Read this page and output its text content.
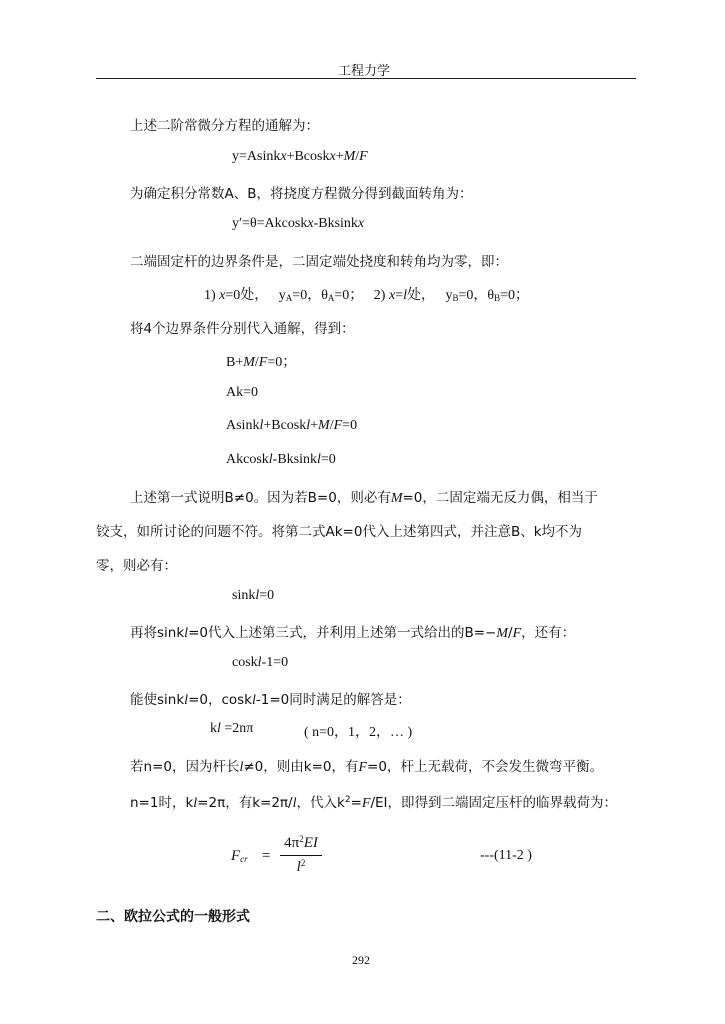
工程力学
上述二阶常微分方程的通解为：
y=Asinkx+Bcoskx+M/F
为确定积分常数A、B，将挠度方程微分得到截面转角为：
y′=θ=Akcoskx-Bksinkx
二端固定杆的边界条件是，二固定端处挠度和转角均为零，即：
1) x=0处，   $y_A=0$，$\theta_A=0$；   2) x=l处，   $y_B=0$，$\theta_B=0$；
将4个边界条件分别代入通解，得到：
B+M/F=0；
Ak=0
Asinkl+Bcoskl+M/F=0
Akcoskl-Bksinkl=0
上述第一式说明B≠0。因为若B=0，则必有M=0，二固定端无反力偶，相当于
铰支，如所讨论的问题不符。将第二式Ak=0代入上述第四式，并注意B、k均不为
零，则必有：
sinkl=0
再将sinkl=0代入上述第三式，并利用上述第一式给出的B=−M/F，还有：
coskl-1=0
能使sinkl=0，coskl-1=0同时满足的解答是：
kl =2nπ	( n=0，1，2，… )
若n=0，因为杆长l≠0，则由k=0，有F=0，杆上无载荷，不会发生微弯平衡。
n=1时，kl=2π，有k=2π/l，代入$k^2=F/EI$，即得到二端固定压杆的临界载荷为：
$F_{cr}$ =
$4\pi^2EI$
$l^2$	---(11-2 )
二、欧拉公式的一般形式
292
